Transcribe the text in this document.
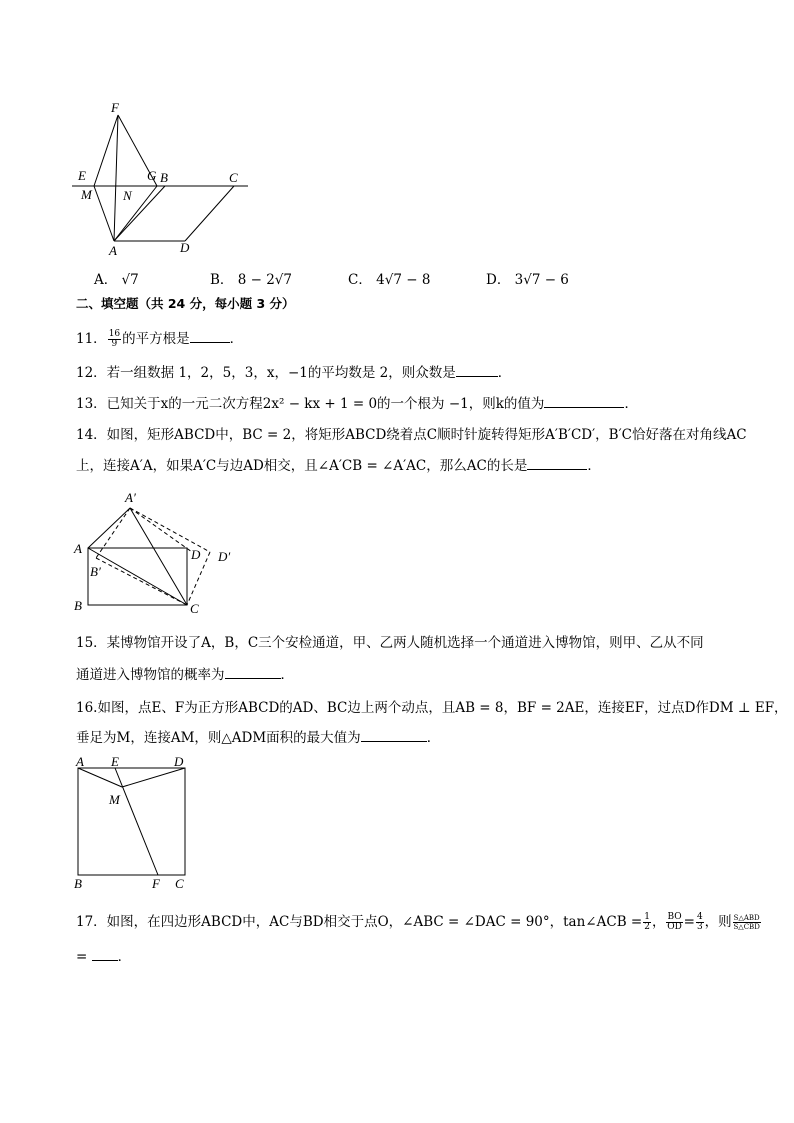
F
E
M
G B
N
C
A	D
A． √7	B． 8 − 2√7	C． 4√7 − 8	D． 3√7 − 6
二、填空题（共 24 分，每小题 3 分）
11． $\frac{16}{9}$ 的平方根是	．
12．若一组数据 1，2，5，3，x，−1的平均数是 2，则众数是	．
13．已知关于x的一元二次方程2x² − kx + 1 = 0的一个根为 −1，则k的值为	．
14．如图，矩形ABCD中，BC = 2，将矩形ABCD绕着点C顺时针旋转得矩形A′B′CD′，B′C恰好落在对角线AC
上，连接A′A，如果A′C与边AD相交，且∠A′CB = ∠A′AC，那么AC的长是	．
A′
A	D D′
B′
B	C
15．某博物馆开设了A，B，C三个安检通道，甲、乙两人随机选择一个通道进入博物馆，则甲、乙从不同
通道进入博物馆的概率为	．
16.如图，点E、F为正方形ABCD的AD、BC边上两个动点，且AB = 8，BF = 2AE，连接EF，过点D作DM ⊥ EF，
垂足为M，连接AM，则△ADM面积的最大值为	．
A E	D
M
B	F C
17．如图，在四边形ABCD中，AC与BD相交于点O，∠ABC = ∠DAC = 90°，tan∠ACB = $\frac{1}{2}$ ， $\frac{BO}{OD} = \frac{4}{3}$ ，则 $\frac{\text{S△ABD}}{\text{S△CBD}}$
= ．
